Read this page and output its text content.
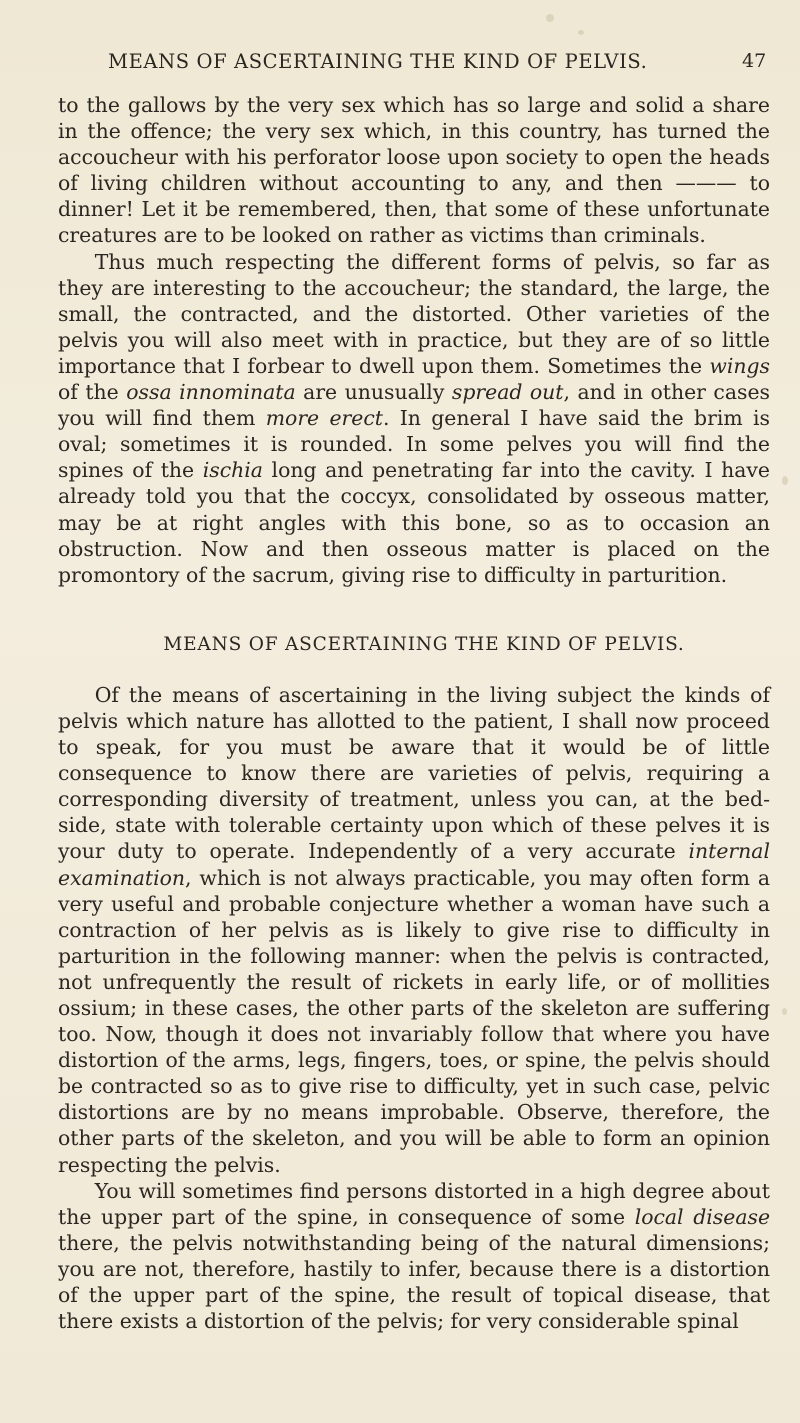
MEANS OF ASCERTAINING THE KIND OF PELVIS.	47

to the gallows by the very sex which has so large and solid a share in the offence; the very sex which, in this country, has turned the accoucheur with his perforator loose upon society to open the heads of living children without accounting to any, and then ——— to dinner! Let it be remembered, then, that some of these unfortunate creatures are to be looked on rather as victims than criminals.

Thus much respecting the different forms of pelvis, so far as they are interesting to the accoucheur; the standard, the large, the small, the contracted, and the distorted. Other varieties of the pelvis you will also meet with in practice, but they are of so little importance that I forbear to dwell upon them. Sometimes the wings of the ossa innominata are unusually spread out, and in other cases you will find them more erect. In general I have said the brim is oval; sometimes it is rounded. In some pelves you will find the spines of the ischia long and penetrating far into the cavity. I have already told you that the coccyx, consolidated by osseous matter, may be at right angles with this bone, so as to occasion an obstruction. Now and then osseous matter is placed on the promontory of the sacrum, giving rise to difficulty in parturition.

MEANS OF ASCERTAINING THE KIND OF PELVIS.

Of the means of ascertaining in the living subject the kinds of pelvis which nature has allotted to the patient, I shall now proceed to speak, for you must be aware that it would be of little consequence to know there are varieties of pelvis, requiring a corresponding diversity of treatment, unless you can, at the bed-side, state with tolerable certainty upon which of these pelves it is your duty to operate. Independently of a very accurate internal examination, which is not always practicable, you may often form a very useful and probable conjecture whether a woman have such a contraction of her pelvis as is likely to give rise to difficulty in parturition in the following manner: when the pelvis is contracted, not unfrequently the result of rickets in early life, or of mollities ossium; in these cases, the other parts of the skeleton are suffering too. Now, though it does not invariably follow that where you have distortion of the arms, legs, fingers, toes, or spine, the pelvis should be contracted so as to give rise to difficulty, yet in such case, pelvic distortions are by no means improbable. Observe, therefore, the other parts of the skeleton, and you will be able to form an opinion respecting the pelvis.

You will sometimes find persons distorted in a high degree about the upper part of the spine, in consequence of some local disease there, the pelvis notwithstanding being of the natural dimensions; you are not, therefore, hastily to infer, because there is a distortion of the upper part of the spine, the result of topical disease, that there exists a distortion of the pelvis; for very considerable spinal
